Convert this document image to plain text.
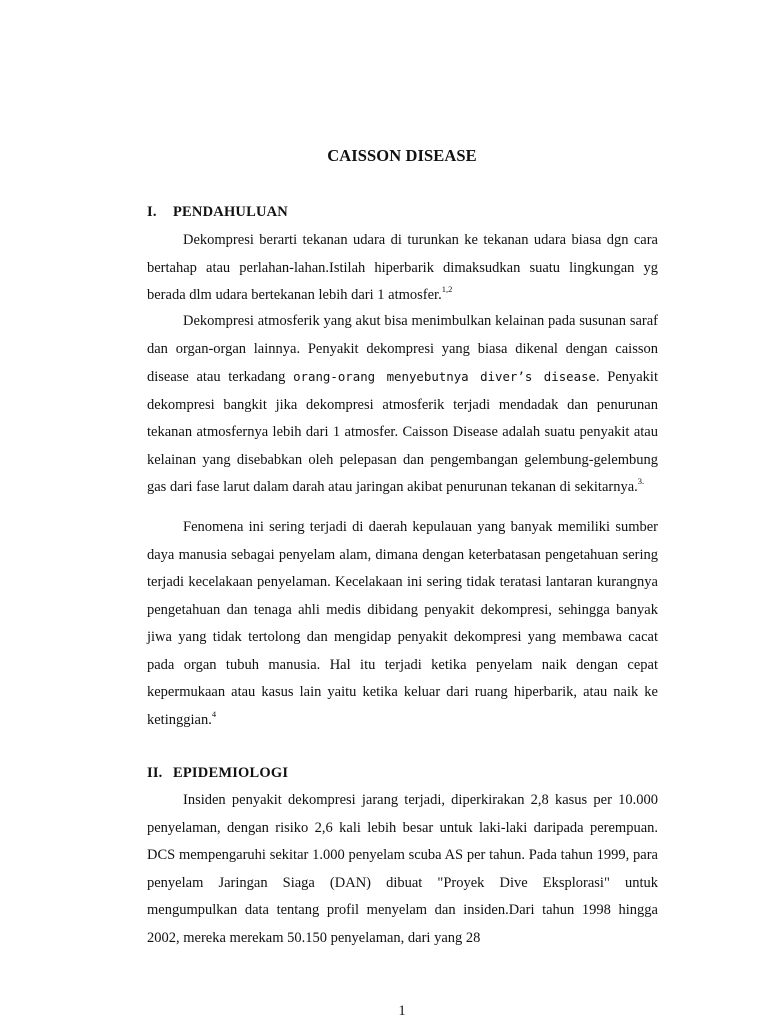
CAISSON DISEASE
I. PENDAHULUAN

Dekompresi berarti tekanan udara di turunkan ke tekanan udara biasa dgn cara bertahap atau perlahan-lahan.Istilah hiperbarik dimaksudkan suatu lingkungan yg berada dlm udara bertekanan lebih dari 1 atmosfer.$^{1,2}$

Dekompresi atmosferik yang akut bisa menimbulkan kelainan pada susunan saraf dan organ-organ lainnya. Penyakit dekompresi yang biasa dikenal dengan caisson disease atau terkadang orang-orang menyebutnya diver’s disease. Penyakit dekompresi bangkit jika dekompresi atmosferik terjadi mendadak dan penurunan tekanan atmosfernya lebih dari 1 atmosfer. Caisson Disease adalah suatu penyakit atau kelainan yang disebabkan oleh pelepasan dan pengembangan gelembung-gelembung gas dari fase larut dalam darah atau jaringan akibat penurunan tekanan di sekitarnya.$^{3.}$

Fenomena ini sering terjadi di daerah kepulauan yang banyak memiliki sumber daya manusia sebagai penyelam alam, dimana dengan keterbatasan pengetahuan sering terjadi kecelakaan penyelaman. Kecelakaan ini sering tidak teratasi lantaran kurangnya pengetahuan dan tenaga ahli medis dibidang penyakit dekompresi, sehingga banyak jiwa yang tidak tertolong dan mengidap penyakit dekompresi yang membawa cacat pada organ tubuh manusia. Hal itu terjadi ketika penyelam naik dengan cepat kepermukaan atau kasus lain yaitu ketika keluar dari ruang hiperbarik, atau naik ke ketinggian.$^4$

II. EPIDEMIOLOGI

Insiden penyakit dekompresi jarang terjadi, diperkirakan 2,8 kasus per 10.000 penyelaman, dengan risiko 2,6 kali lebih besar untuk laki-laki daripada perempuan. DCS mempengaruhi sekitar 1.000 penyelam scuba AS per tahun. Pada tahun 1999, para penyelam Jaringan Siaga (DAN) dibuat "Proyek Dive Eksplorasi" untuk mengumpulkan data tentang profil menyelam dan insiden.Dari tahun 1998 hingga 2002, mereka merekam 50.150 penyelaman, dari yang 28

1
